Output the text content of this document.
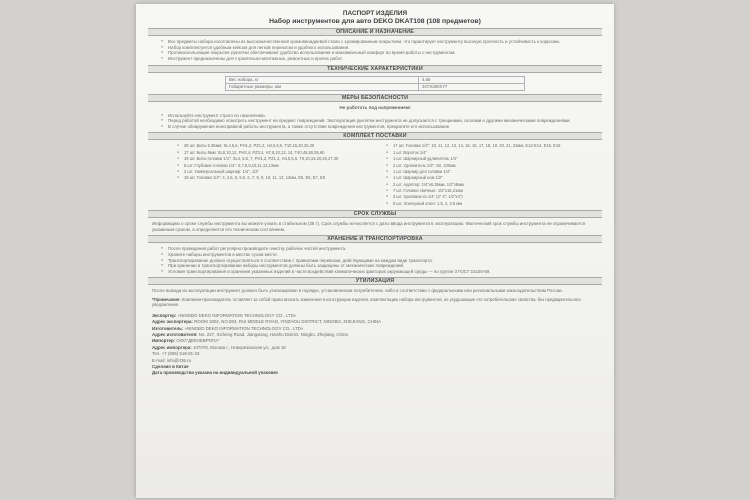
ПАСПОРТ ИЗДЕЛИЯ
Набор инструментов для авто DEKO DKAT108 (108 предметов)
ОПИСАНИЕ И НАЗНАЧЕНИЕ
● Все предметы набора изготовлены из высококачественной хромованадиевой стали с хромированным покрытием, что гарантирует инструменту высокую прочность и устойчивость к коррозии.
● Набор комплектуется удобным кейсом для легкой переноски и удобного использования.
● Противоскользящие покрытие рукоятки обеспечивают удобство использования и максимальный комфорт во время работы с инструментом.
● Инструмент предназначены для строительно-монтажных, ремонтных и прочих работ.
ТЕХНИЧЕСКИЕ ХАРАКТЕРИСТИКИ
Вес набора, кг	4,65
Габаритные размеры, мм	347X280X77
МЕРЫ БЕЗОПАСНОСТИ
Не работать под напряжением!
● Используйте инструмент строго по назначению.
● Перед работой необходимо осмотреть инструмент на предмет повреждений. Эксплуатация рукоятки инструмента не допускается с трещинами, сколами и другими механическими повреждениями.
● В случае обнаружения неисправной работы инструмента, а также отсутствия повреждения инструментов, прекратите его использование.
КОМПЛЕКТ ПОСТАВКИ
● 28 шт. Биты 6.35мм: SL4,5,6, PH1,2, PZ1,2, H4,5,5,6, T10,15,20,25,30
● 17 шт. Биты 8мм: SL8,10,12, PH3,4, PZ3,4, H7,8,10,12, 14, T40,45,50,55,60
● 19 шт. Биты головки 1/4": SL4, 5.5, 7, PH1,2, PZ1,2, H4,5,5,6, T8,10,15,20,25,27,30
● 8 шт. Глубокие головки 1/4": 6,7,8,9,10,11,12,13мм
● 2 шт. Универсальный шарнир: 1/4", 1/2"
● 19 шт. Головки 1/4": 4, 4.5, 5, 5.5, 6, 7, 8, 9, 10, 11, 12, 13мм, E5, E6, E7, E8
● 17 шт. Головки 1/2": 10, 11, 12, 13, 14, 15, 16, 17, 18, 19, 20, 21, 22мм, E12-E14, E16, E18
● 1 шт. Вороток 1/4"
● 1 шт. Шарнирный удлинитель 1/4"
● 2 шт. Удлинитель 1/4": 50, 100мм
● 1 шт. Шарнир для головки 1/4"
● 1 шт. Шарнирный нож 1/2"
● 2 шт. Адаптер: 1/4"х6.35мм, 1/2"х8мм
● 7 шт. Головки свечные: 1/2"х16,21мм
● 3 шт. Храповик из 1/4" (2" 4"; 1/2"х4")
● 5 шт. Элегерный ключ: 1.5, 2, 2.5 мм
СРОК СЛУЖБЫ
Информацию о сроке службы инструмента вы можете узнать в стабильном (38 т). Срок службы исчисляется с даты ввода инструмента в эксплуатацию. Фактический срок службы инструмента не ограничивается указанным сроком, а определяется его техническим состоянием.
ХРАНЕНИЕ И ТРАНСПОРТИРОВКА
● После проведения работ регулярно производите очистку рабочих частей инструмента.
● Храните наборы инструментов в местах сухом месте.
● Транспортирование должно осуществляться в соответствии с правилами перевозки, действующими на каждом виде транспорта.
● При хранении и транспортировании наборы инструментов должны быть защищены от механических повреждений.
● Условия транспортирования и хранения указанных изделий в части воздействия климатических факторов окружающей среды — по группе 3 ГОСТ 15150-69.
УТИЛИЗАЦИЯ
После вывода из эксплуатации инструмент должен быть утилизирован в порядке, установленном потребителем, либо в соответствии с федеральными или региональными законодательством России.
*Примечание: Компания-производитель оставляет за собой право вносить изменения в конструкцию изделия, комплектацию набора инструментов, не ухудшающие его потребительские свойства, без предварительного уведомления.
Экспортер: «NINGBO DEKO INFORMATION TECHNOLOGY CO., LTD»
Адрес экспортера: ROOM 1802, NO.593, RUI MIDDLE ROAD, YINZHOU DISTRICT, NINGBO, ZHEJIANG, CHINA
Изготовитель: «NINGBO DEKO INFORMATION TECHNOLOGY CO., LTD»
Адрес изготовителя: No. 227, Xicheng Road, Jiangxiang, Haishu District, Ningbo, Zhejiang, China
Импортер: ООО"ДЕКОЕВРОПА"
Адрес импортера: 107078, Москва г., Новорязанская ул., дом 18
Тел. +7 (905) 518-81-33
E-mail: info@rt36.ru
Сделано в Китае
Дата производства указана на индивидуальной упаковке
